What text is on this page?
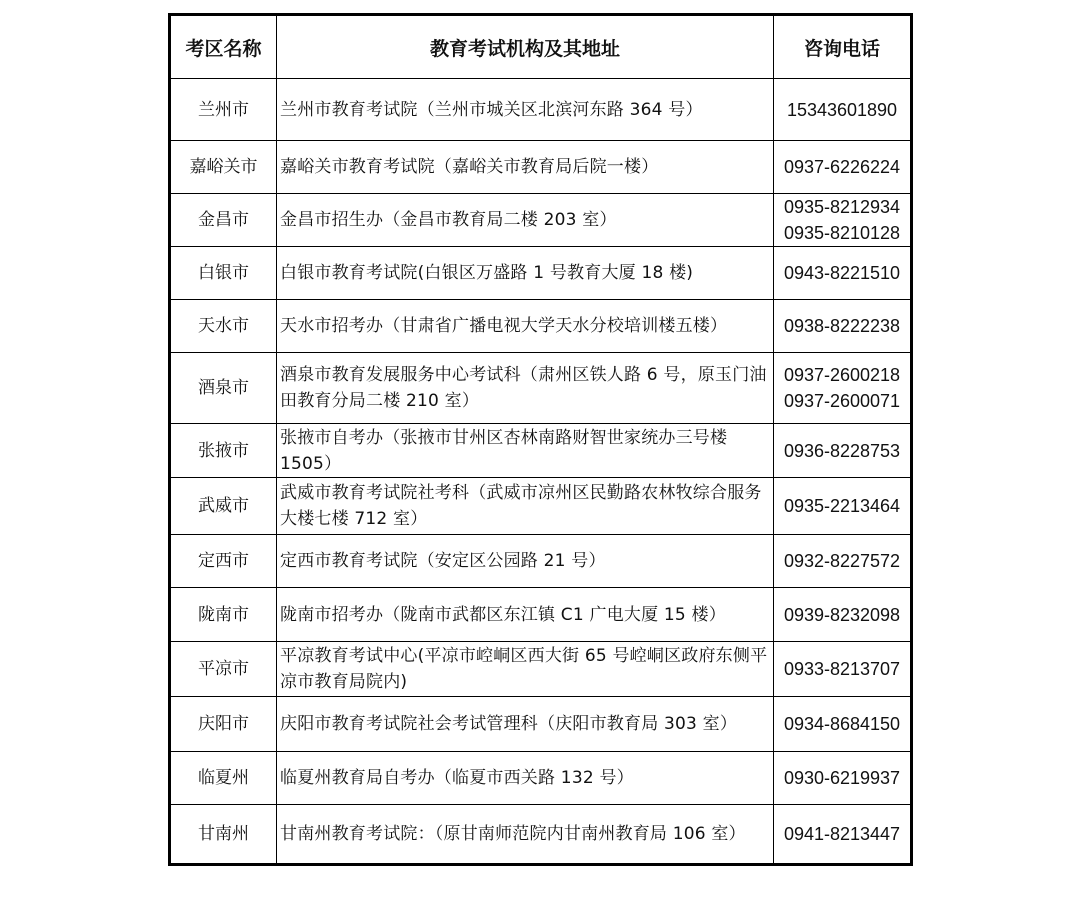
考区名称	教育考试机构及其地址	咨询电话
兰州市	兰州市教育考试院（兰州市城关区北滨河东路 364 号）	15343601890

嘉峪关市	嘉峪关市教育考试院（嘉峪关市教育局后院一楼）	0937-6226224

金昌市	金昌市招生办（金昌市教育局二楼 203 室）	0935-8212934
0935-8210128

白银市	白银市教育考试院(白银区万盛路 1 号教育大厦 18 楼)	0943-8221510

天水市	天水市招考办（甘肃省广播电视大学天水分校培训楼五楼）	0938-8222238

酒泉市	酒泉市教育发展服务中心考试科（肃州区铁人路 6 号，原玉门油田教育分局二楼 210 室）	0937-2600218
0937-2600071

张掖市	张掖市自考办（张掖市甘州区杏林南路财智世家统办三号楼 1505）	0936-8228753

武威市	武威市教育考试院社考科（武威市凉州区民勤路农林牧综合服务大楼七楼 712 室）	0935-2213464

定西市	定西市教育考试院（安定区公园路 21 号）	0932-8227572

陇南市	陇南市招考办（陇南市武都区东江镇 C1 广电大厦 15 楼）	0939-8232098

平凉市	平凉教育考试中心(平凉市崆峒区西大街 65 号崆峒区政府东侧平凉市教育局院内)	0933-8213707

庆阳市	庆阳市教育考试院社会考试管理科（庆阳市教育局 303 室）	0934-8684150

临夏州	临夏州教育局自考办（临夏市西关路 132 号）	0930-6219937

甘南州	甘南州教育考试院：（原甘南师范院内甘南州教育局 106 室）	0941-8213447
